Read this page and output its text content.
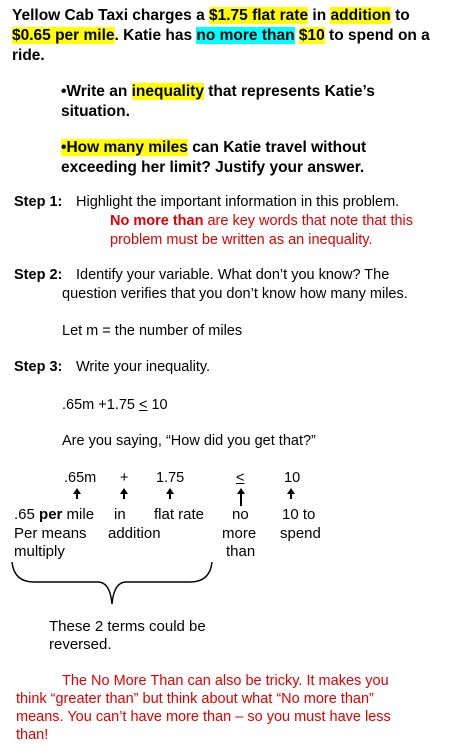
Yellow Cab Taxi charges a $1.75 flat rate in addition to
$0.65 per mile. Katie has no more than $10 to spend on a
ride.
•Write an inequality that represents Katie’s
situation.
•How many miles can Katie travel without
exceeding her limit? Justify your answer.
Step 1: Highlight the important information in this problem.
No more than are key words that note that this
problem must be written as an inequality.
Step 2: Identify your variable. What don’t you know? The
question verifies that you don’t know how many miles.
Let m = the number of miles
Step 3: Write your inequality.
.65m +1.75 ≤ 10
Are you saying, “How did you get that?”
.65m + 1.75	<	10
.65 per mile
Per means
multiply
in
addition
flat rate no
more
than
10 to
spend
These 2 terms could be
reversed.
The No More Than can also be tricky. It makes you
think “greater than” but think about what “No more than”
means. You can’t have more than – so you must have less
than!
